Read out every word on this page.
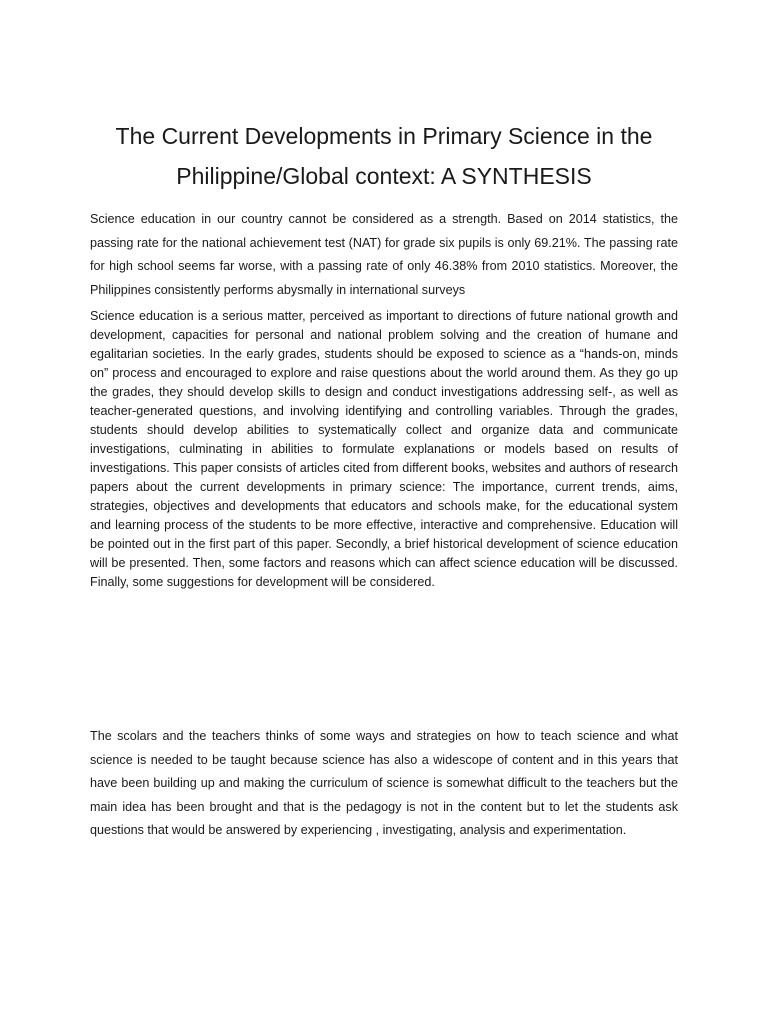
The Current Developments in Primary Science in the Philippine/Global context: A SYNTHESIS

Science education in our country cannot be considered as a strength. Based on 2014 statistics, the passing rate for the national achievement test (NAT) for grade six pupils is only 69.21%. The passing rate for high school seems far worse, with a passing rate of only 46.38% from 2010 statistics. Moreover, the Philippines consistently performs abysmally in international surveys

Science education is a serious matter, perceived as important to directions of future national growth and development, capacities for personal and national problem solving and the creation of humane and egalitarian societies. In the early grades, students should be exposed to science as a “hands-on, minds on” process and encouraged to explore and raise questions about the world around them. As they go up the grades, they should develop skills to design and conduct investigations addressing self-, as well as teacher-generated questions, and involving identifying and controlling variables. Through the grades, students should develop abilities to systematically collect and organize data and communicate investigations, culminating in abilities to formulate explanations or models based on results of investigations. This paper consists of articles cited from different books, websites and authors of research papers about the current developments in primary science: The importance, current trends, aims, strategies, objectives and developments that educators and schools make, for the educational system and learning process of the students to be more effective, interactive and comprehensive. Education will be pointed out in the first part of this paper. Secondly, a brief historical development of science education will be presented. Then, some factors and reasons which can affect science education will be discussed. Finally, some suggestions for development will be considered.

The scolars and the teachers thinks of some ways and strategies on how to teach science and what science is needed to be taught because science has also a widescope of content and in this years that have been building up and making the curriculum of science is somewhat difficult to the teachers but the main idea has been brought and that is the pedagogy is not in the content but to let the students ask questions that would be answered by experiencing , investigating, analysis and experimentation.
